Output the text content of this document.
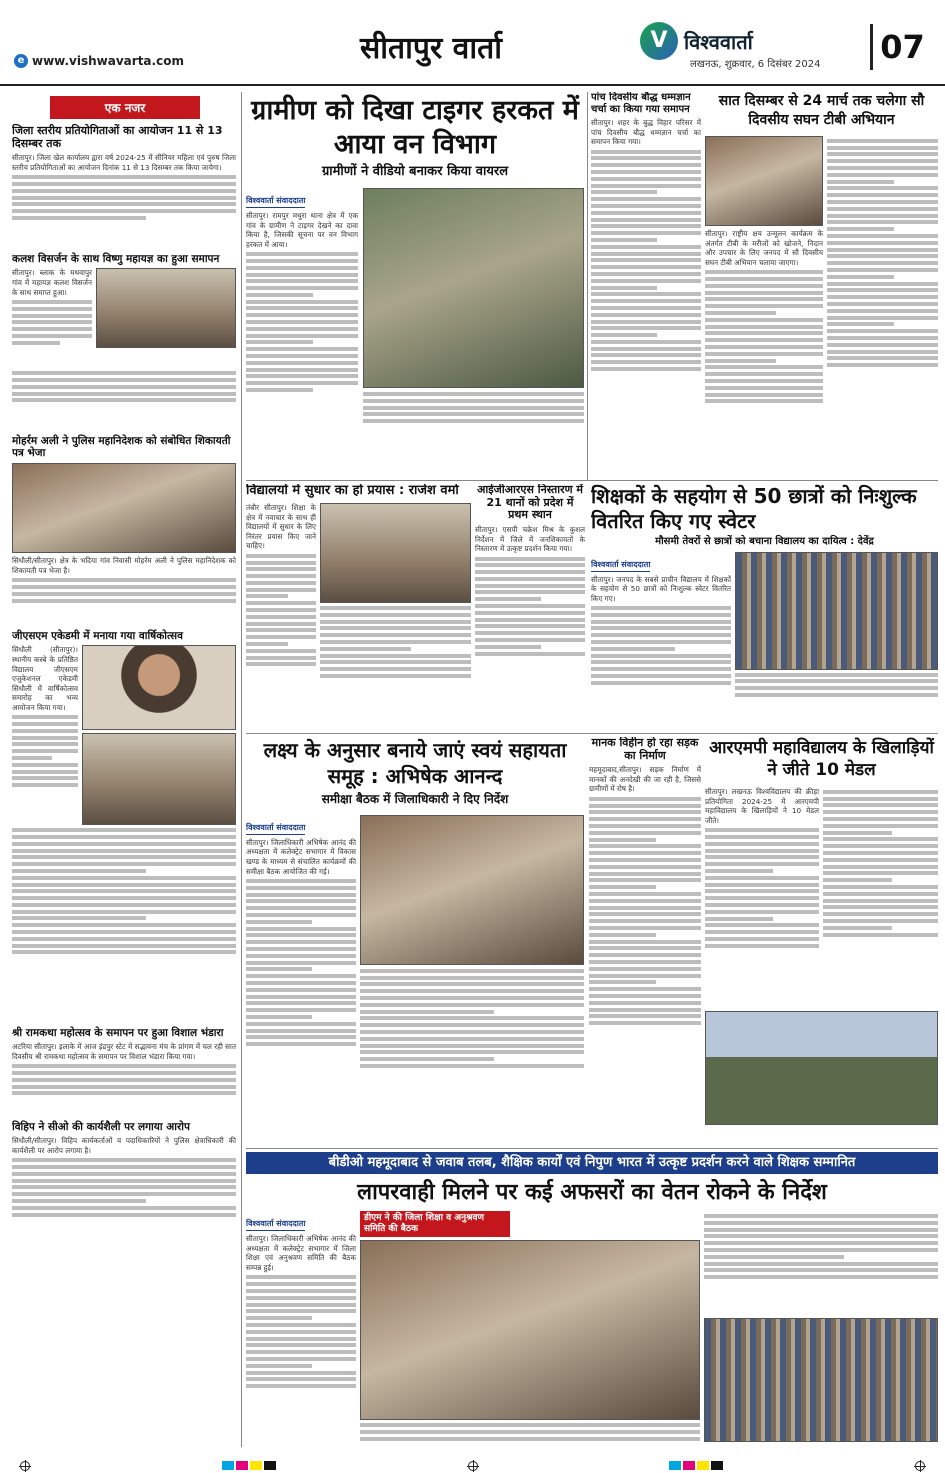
e www.vishwavarta.com	सीतापुर वार्ता	V विश्ववार्ता
लखनऊ, शुक्रवार, 6 दिसंबर 2024	07
एक नजर
जिला स्तरीय प्रतियोगिताओं का आयोजन 11 से 13 दिसम्बर तक
सीतापुर। जिला खेल कार्यालय द्वारा वर्ष 2024-25 में सीनियर महिला एवं पुरुष जिला स्तरीय प्रतियोगिताओं का आयोजन दिनांक 11 से 13 दिसम्बर तक किया जायेगा।
कलश विसर्जन के साथ विष्णु महायज्ञ का हुआ समापन
सीतापुर। ब्लाक के मथवापुर गांव में महायज्ञ कलश विसर्जन के साथ समाप्त हुआ।
मोहर्रम अली ने पुलिस महानिदेशक को संबोधित शिकायती पत्र भेजा
सिधौली/सीतापुर। क्षेत्र के भदिया गांव निवासी मोहर्रम अली ने पुलिस महानिदेशक को शिकायती पत्र भेजा है।
जीएसएम एकेडमी में मनाया गया वार्षिकोत्सव
सिधौली (सीतापुर)। स्थानीय कस्बे के प्रतिष्ठित विद्यालय जीएसएम एजुकेशनल एकेडमी सिधौली में वार्षिकोत्सव समारोह का भव्य आयोजन किया गया।
श्री रामकथा महोत्सव के समापन पर हुआ विशाल भंडारा
अटरिया सीतापुर। इलाके में आज इंद्रपुर स्टेट में सद्भावना मंच के प्रांगण में चल रही सात दिवसीय श्री रामकथा महोत्सव के समापन पर विशाल भंडारा किया गया।
विहिप ने सीओ की कार्यशैली पर लगाया आरोप
सिधौली/सीतापुर। विहिप कार्यकर्ताओं व पदाधिकारियों ने पुलिस क्षेत्राधिकारी की कार्यशैली पर आरोप लगाया है।
ग्रामीण को दिखा टाइगर हरकत में आया वन विभाग
ग्रामीणों ने वीडियो बनाकर किया वायरल
विश्ववार्ता संवाददाता
सीतापुर। रामपुर मथुरा थाना क्षेत्र में एक गांव के ग्रामीण ने टाइगर देखने का दावा किया है, जिसकी सूचना पर वन विभाग हरकत में आया।
पांच दिवसीय बौद्ध धम्मज्ञान चर्चा का किया गया समापन
सीतापुर। शहर के बुद्ध विहार परिसर में पांच दिवसीय बौद्ध धम्मज्ञान चर्चा का समापन किया गया।
सात दिसम्बर से 24 मार्च तक चलेगा सौ दिवसीय सघन टीबी अभियान
सीतापुर। राष्ट्रीय क्षय उन्मूलन कार्यक्रम के अंतर्गत टीबी के मरीजों को खोजने, निदान और उपचार के लिए जनपद में सौ दिवसीय सघन टीबी अभियान चलाया जाएगा।
विद्यालयों में सुधार का हो प्रयास : राजेश वर्मा
तंबौर सीतापुर। शिक्षा के क्षेत्र में नवाचार के साथ ही विद्यालयों में सुधार के लिए निरंतर प्रयास किए जाने चाहिए।
आईजीआरएस निस्तारण में 21 थानों को प्रदेश में प्रथम स्थान
सीतापुर। एसपी चक्रेश मिश्र के कुशल निर्देशन में जिले में जनशिकायतों के निस्तारण में उत्कृष्ट प्रदर्शन किया गया।
शिक्षकों के सहयोग से 50 छात्रों को निःशुल्क वितरित किए गए स्वेटर
मौसमी तेवरों से छात्रों को बचाना विद्यालय का दायित्व : देवेंद्र
विश्ववार्ता संवाददाता
सीतापुर। जनपद के सबसे प्राचीन विद्यालय में शिक्षकों के सहयोग से 50 छात्रों को निःशुल्क स्वेटर वितरित किए गए।
लक्ष्य के अनुसार बनाये जाएं स्वयं सहायता समूह : अभिषेक आनन्द
समीक्षा बैठक में जिलाधिकारी ने दिए निर्देश
विश्ववार्ता संवाददाता
सीतापुर। जिलाधिकारी अभिषेक आनंद की अध्यक्षता में कलेक्ट्रेट सभागार में विकास खण्ड के माध्यम से संचालित कार्यक्रमों की समीक्षा बैठक आयोजित की गई।
मानक विहीन हो रहा सड़क का निर्माण
महमूदाबाद,सीतापुर। सड़क निर्माण में मानकों की अनदेखी की जा रही है, जिससे ग्रामीणों में रोष है।
आरएमपी महाविद्यालय के खिलाड़ियों ने जीते 10 मेडल
सीतापुर। लखनऊ विश्वविद्यालय की क्रीड़ा प्रतियोगिता 2024-25 में आरएमपी महाविद्यालय के खिलाड़ियों ने 10 मेडल जीते।
बीडीओ महमूदाबाद से जवाब तलब, शैक्षिक कार्यों एवं निपुण भारत में उत्कृष्ट प्रदर्शन करने वाले शिक्षक सम्मानित
लापरवाही मिलने पर कई अफसरों का वेतन रोकने के निर्देश
विश्ववार्ता संवाददाता
सीतापुर। जिलाधिकारी अभिषेक आनंद की अध्यक्षता में कलेक्ट्रेट सभागार में जिला शिक्षा एवं अनुश्रवण समिति की बैठक सम्पन्न हुई।
डीएम ने की जिला शिक्षा व अनुश्रवण समिति की बैठक
